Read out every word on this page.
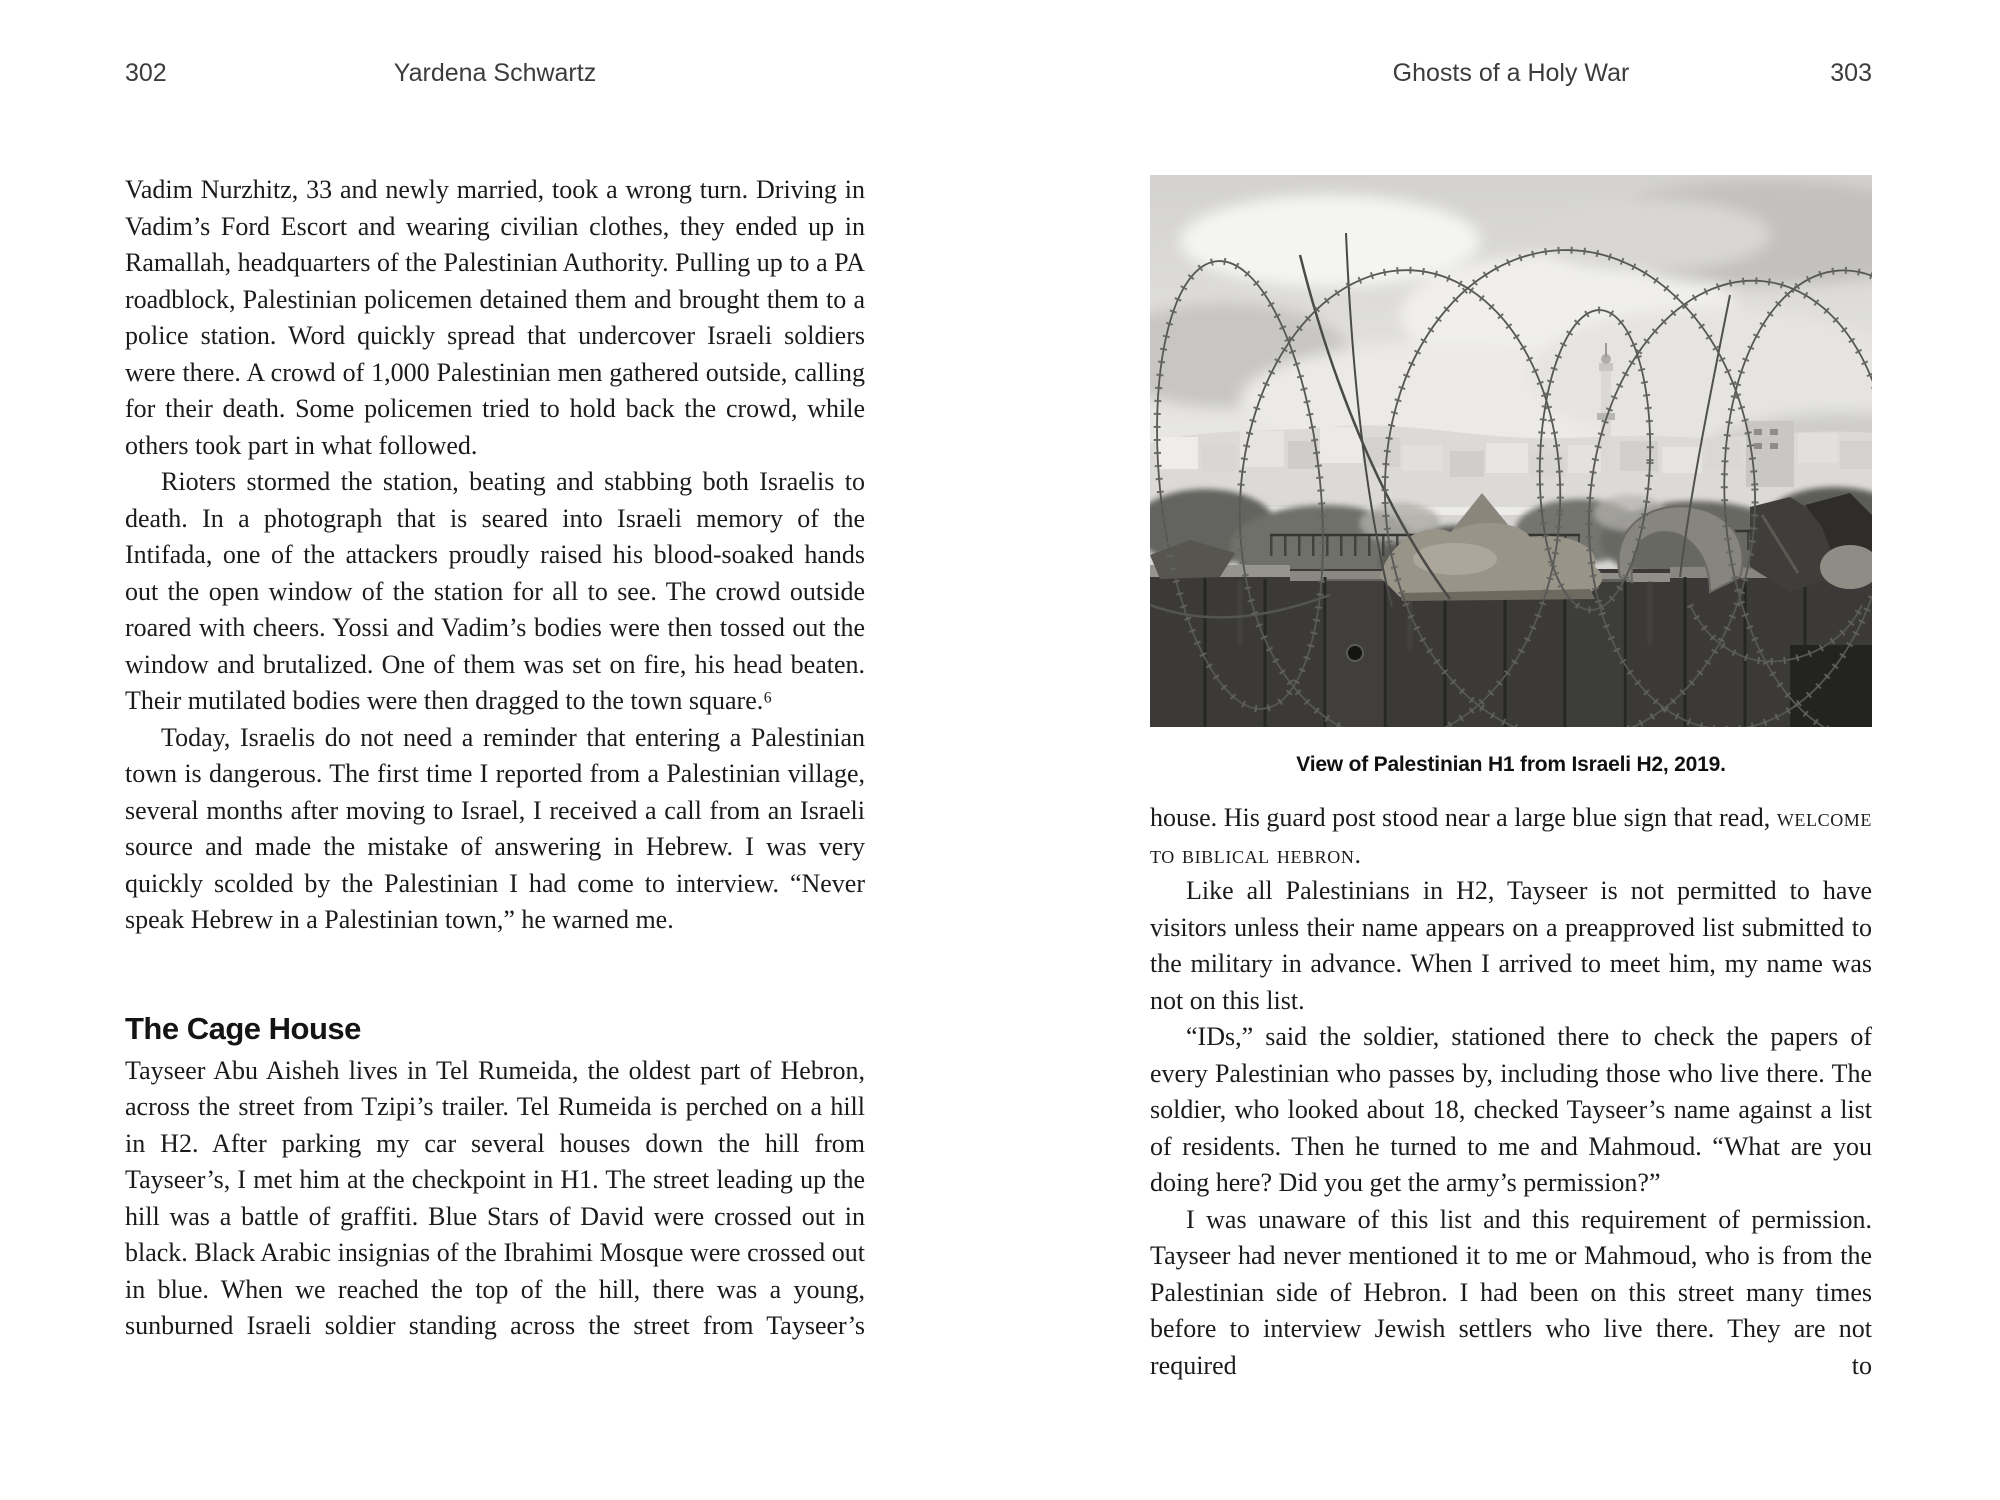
302	Yardena Schwartz

Vadim Nurzhitz, 33 and newly married, took a wrong turn. Driving in Vadim’s Ford Escort and wearing civilian clothes, they ended up in Ramallah, headquarters of the Palestinian Authority. Pulling up to a PA roadblock, Palestinian policemen detained them and brought them to a police station. Word quickly spread that undercover Israeli soldiers were there. A crowd of 1,000 Palestinian men gathered outside, calling for their death. Some policemen tried to hold back the crowd, while others took part in what followed.

Rioters stormed the station, beating and stabbing both Israelis to death. In a photograph that is seared into Israeli memory of the Intifada, one of the attackers proudly raised his blood-soaked hands out the open window of the station for all to see. The crowd outside roared with cheers. Yossi and Vadim’s bodies were then tossed out the window and brutalized. One of them was set on fire, his head beaten. Their mutilated bodies were then dragged to the town square.⁶

Today, Israelis do not need a reminder that entering a Palestinian town is dangerous. The first time I reported from a Palestinian village, several months after moving to Israel, I received a call from an Israeli source and made the mistake of answering in Hebrew. I was very quickly scolded by the Palestinian I had come to interview. “Never speak Hebrew in a Palestinian town,” he warned me.

The Cage House

Tayseer Abu Aisheh lives in Tel Rumeida, the oldest part of Hebron, across the street from Tzipi’s trailer. Tel Rumeida is perched on a hill in H2. After parking my car several houses down the hill from Tayseer’s, I met him at the checkpoint in H1. The street leading up the hill was a battle of graffiti. Blue Stars of David were crossed out in black. Black Arabic insignias of the Ibrahimi Mosque were crossed out in blue. When we reached the top of the hill, there was a young, sunburned Israeli soldier standing across the street from Tayseer’s

Ghosts of a Holy War	303
View of Palestinian H1 from Israeli H2, 2019.

house. His guard post stood near a large blue sign that read, welcome to biblical hebron.

Like all Palestinians in H2, Tayseer is not permitted to have visitors unless their name appears on a preapproved list submitted to the military in advance. When I arrived to meet him, my name was not on this list.

“IDs,” said the soldier, stationed there to check the papers of every Palestinian who passes by, including those who live there. The soldier, who looked about 18, checked Tayseer’s name against a list of residents. Then he turned to me and Mahmoud. “What are you doing here? Did you get the army’s permission?”

I was unaware of this list and this requirement of permission. Tayseer had never mentioned it to me or Mahmoud, who is from the Palestinian side of Hebron. I had been on this street many times before to interview Jewish settlers who live there. They are not required to
